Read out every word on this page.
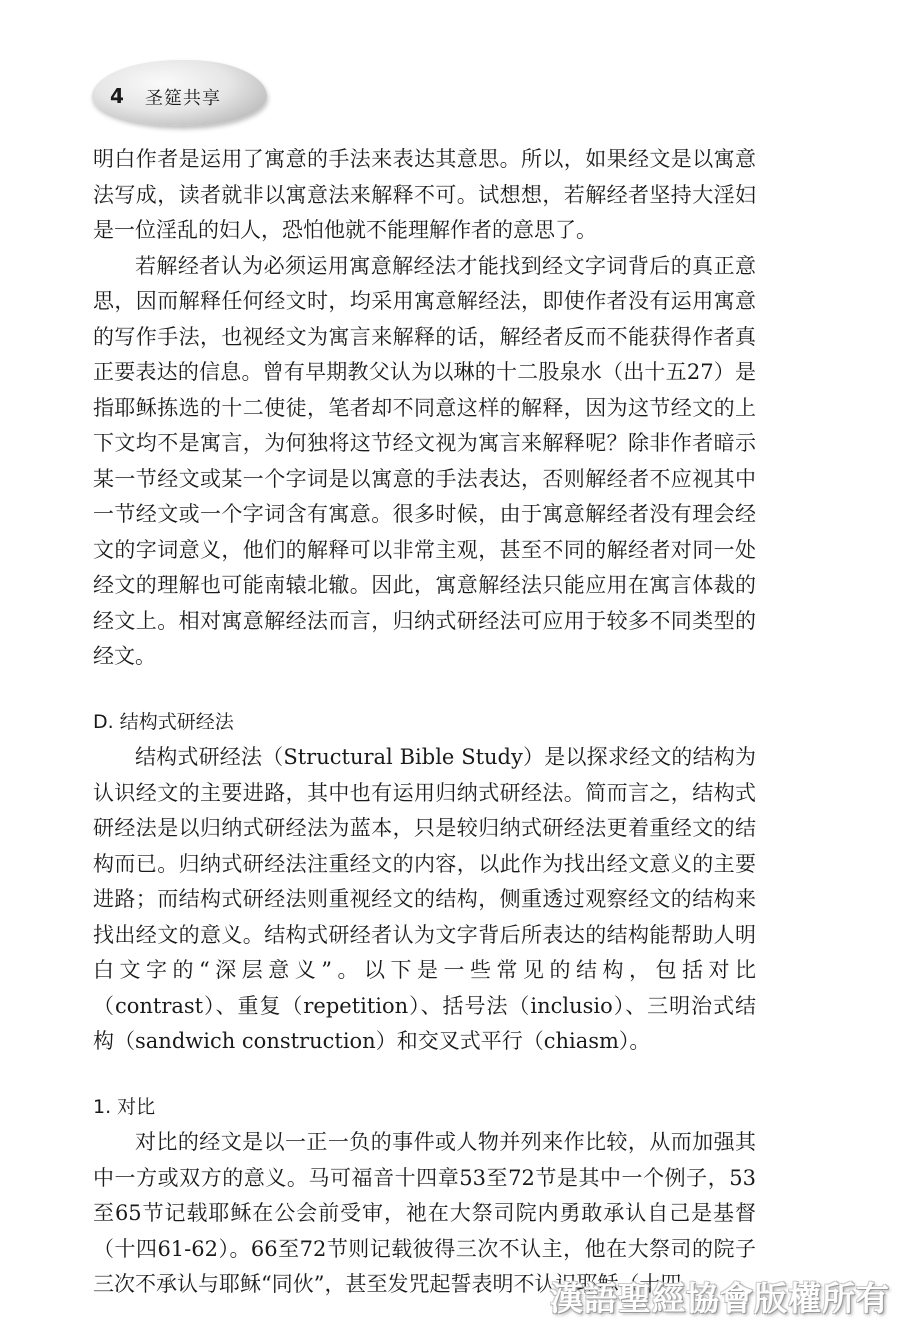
4 圣筵共享

明白作者是运用了寓意的手法来表达其意思。所以，如果经文是以寓意法写成，读者就非以寓意法来解释不可。试想想，若解经者坚持大淫妇是一位淫乱的妇人，恐怕他就不能理解作者的意思了。

若解经者认为必须运用寓意解经法才能找到经文字词背后的真正意思，因而解释任何经文时，均采用寓意解经法，即使作者没有运用寓意的写作手法，也视经文为寓言来解释的话，解经者反而不能获得作者真正要表达的信息。曾有早期教父认为以琳的十二股泉水（出十五27）是指耶稣拣选的十二使徒，笔者却不同意这样的解释，因为这节经文的上下文均不是寓言，为何独将这节经文视为寓言来解释呢？除非作者暗示某一节经文或某一个字词是以寓意的手法表达，否则解经者不应视其中一节经文或一个字词含有寓意。很多时候，由于寓意解经者没有理会经文的字词意义，他们的解释可以非常主观，甚至不同的解经者对同一处经文的理解也可能南辕北辙。因此，寓意解经法只能应用在寓言体裁的经文上。相对寓意解经法而言，归纳式研经法可应用于较多不同类型的经文。

D. 结构式研经法

结构式研经法（Structural Bible Study）是以探求经文的结构为认识经文的主要进路，其中也有运用归纳式研经法。简而言之，结构式研经法是以归纳式研经法为蓝本，只是较归纳式研经法更着重经文的结构而已。归纳式研经法注重经文的内容，以此作为找出经文意义的主要进路；而结构式研经法则重视经文的结构，侧重透过观察经文的结构来找出经文的意义。结构式研经者认为文字背后所表达的结构能帮助人明白文字的“深层意义”。以下是一些常见的结构，包括对比（contrast）、重复（repetition）、括号法（inclusio）、三明治式结构（sandwich construction）和交叉式平行（chiasm）。

1. 对比

对比的经文是以一正一负的事件或人物并列来作比较，从而加强其中一方或双方的意义。马可福音十四章53至72节是其中一个例子，53至65节记载耶稣在公会前受审，祂在大祭司院内勇敢承认自己是基督（十四61-62）。66至72节则记载彼得三次不认主，他在大祭司的院子三次不承认与耶稣“同伙”，甚至发咒起誓表明不认识耶稣（十四

漢語聖經協會版權所有
